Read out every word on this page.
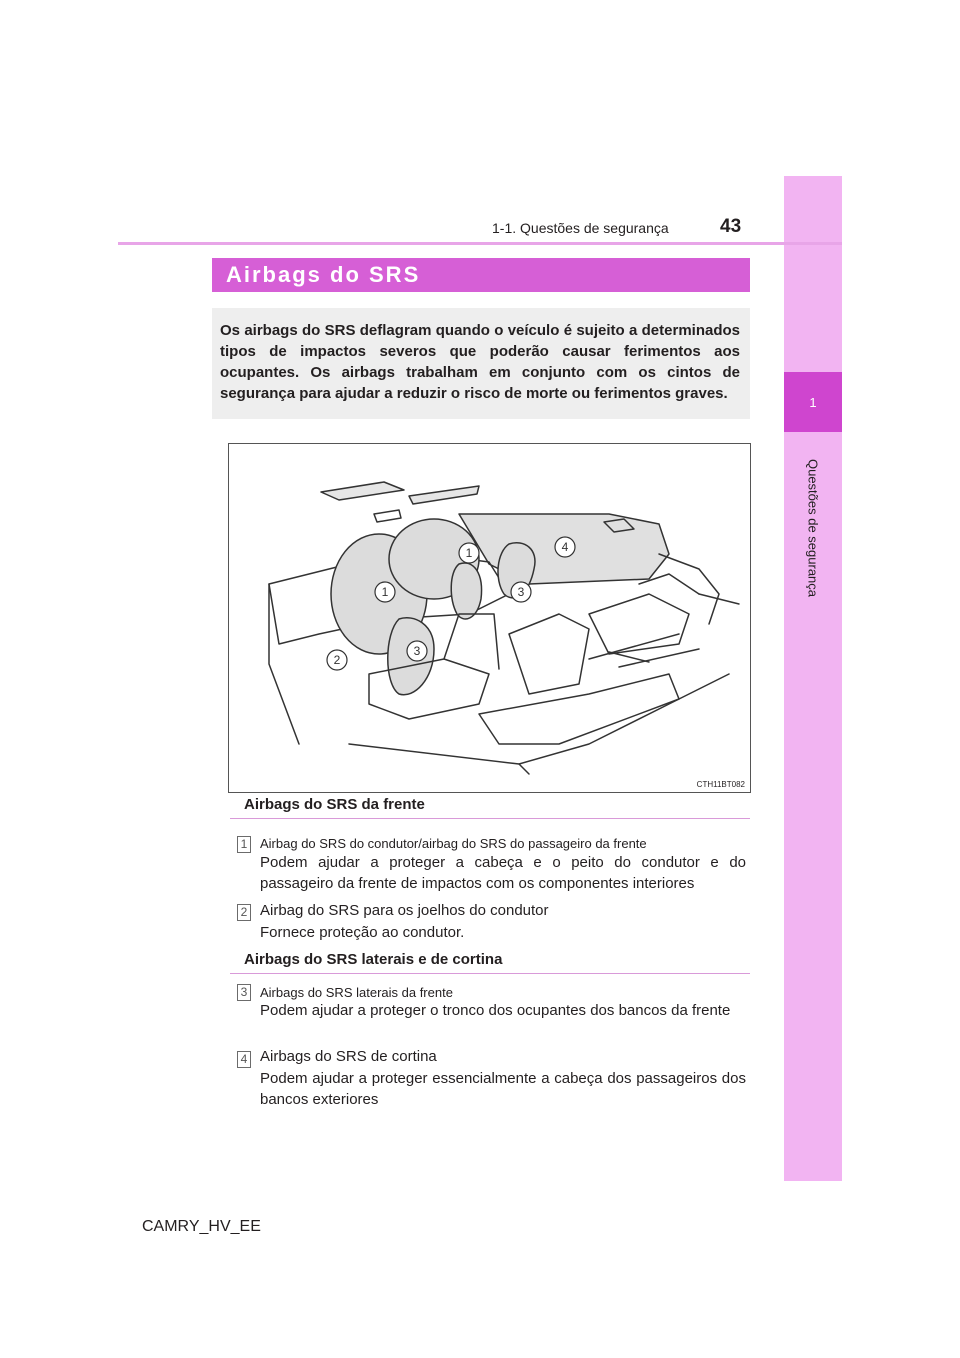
1
Questões de segurança
1-1. Questões de segurança	43
Airbags do SRS
Os airbags do SRS deflagram quando o veículo é sujeito a determinados tipos de impactos severos que poderão causar ferimentos aos ocupantes. Os airbags trabalham em conjunto com os cintos de segurança para ajudar a reduzir o risco de morte ou ferimentos graves.
1
1
2
3
3
4
CTH11BT082
Airbags do SRS da frente
1 Airbag do SRS do condutor/airbag do SRS do passageiro da frente
Podem ajudar a proteger a cabeça e o peito do condutor e do passageiro da frente de impactos com os componentes interiores
2 Airbag do SRS para os joelhos do condutor
Fornece proteção ao condutor.
Airbags do SRS laterais e de cortina
3 Airbags do SRS laterais da frente
Podem ajudar a proteger o tronco dos ocupantes dos bancos da frente
4 Airbags do SRS de cortina
Podem ajudar a proteger essencialmente a cabeça dos passageiros dos bancos exteriores
CAMRY_HV_EE
